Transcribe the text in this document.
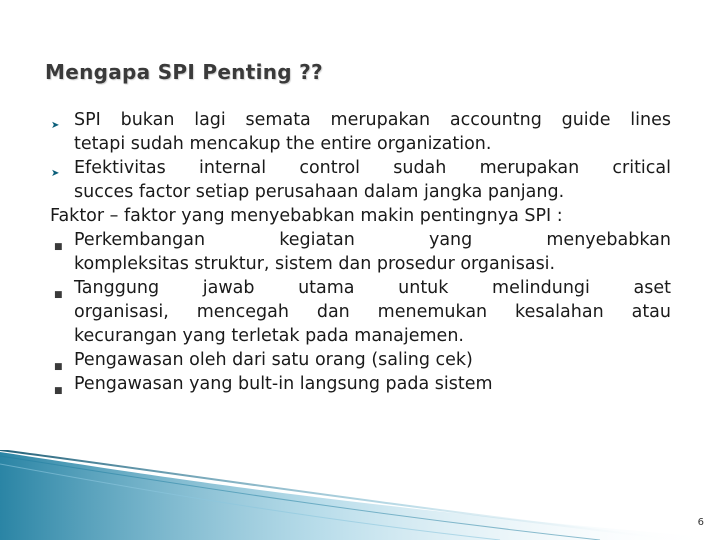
Mengapa SPI Penting ??
➤ SPI bukan lagi semata merupakan accountng guide lines
tetapi sudah mencakup the entire organization.
➤ Efektivitas internal control sudah merupakan critical
succes factor setiap perusahaan dalam jangka panjang.
Faktor – faktor yang menyebabkan makin pentingnya SPI :
■ Perkembangan kegiatan yang menyebabkan
kompleksitas struktur, sistem dan prosedur organisasi.
■ Tanggung jawab utama untuk melindungi aset
organisasi, mencegah dan menemukan kesalahan atau
kecurangan yang terletak pada manajemen.
■ Pengawasan oleh dari satu orang (saling cek)
■ Pengawasan yang bult-in langsung pada sistem
6
